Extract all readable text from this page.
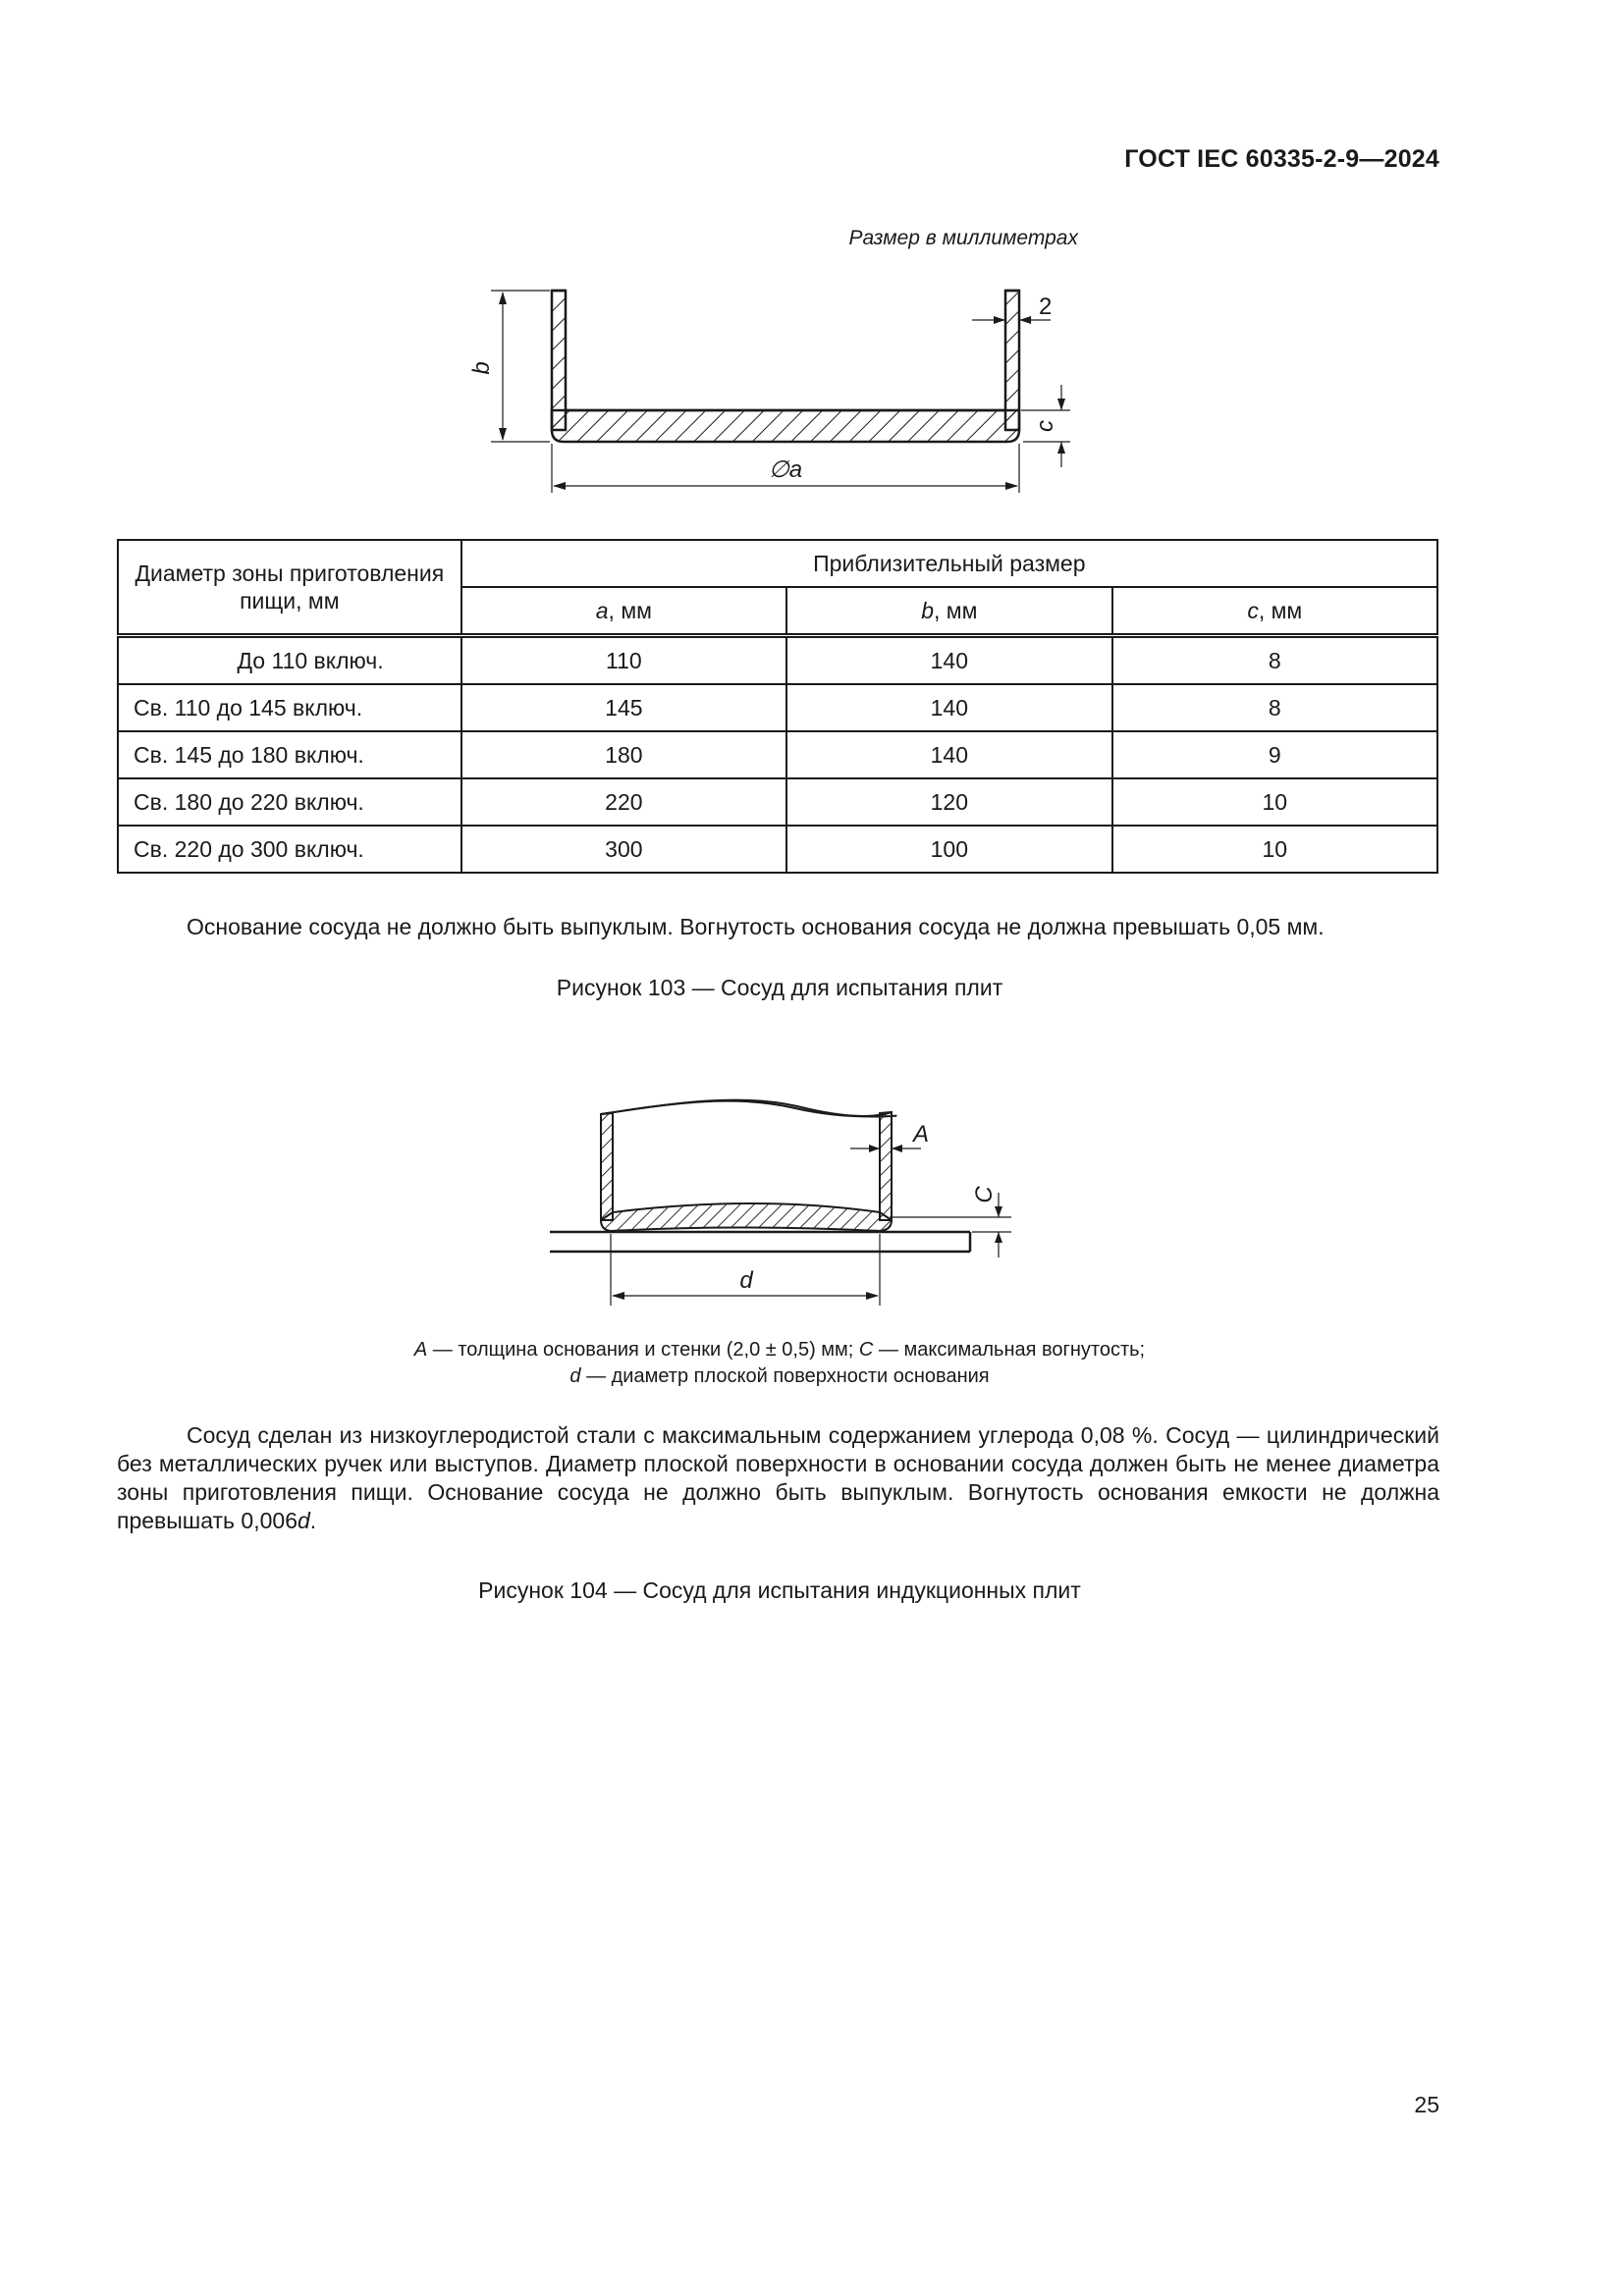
ГОСТ IEC 60335-2-9—2024
Размер в миллиметрах
b
2
c
∅a
Диаметр зоны приготовления пищи, мм	Приблизительный размер		
	a, мм	b, мм	c, мм
До 110 включ.	110	140	8
Св. 110 до 145 включ.	145	140	8
Св. 145 до 180 включ.	180	140	9
Св. 180 до 220 включ.	220	120	10
Св. 220 до 300 включ.	300	100	10
Основание сосуда не должно быть выпуклым. Вогнутость основания сосуда не должна превышать 0,05 мм.
Рисунок 103 — Сосуд для испытания плит
A
C
d
A — толщина основания и стенки (2,0 ± 0,5) мм; C — максимальная вогнутость;
d — диаметр плоской поверхности основания
Сосуд сделан из низкоуглеродистой стали с максимальным содержанием углерода 0,08 %. Сосуд — цилиндрический без металлических ручек или выступов. Диаметр плоской поверхности в основании сосуда должен быть не менее диаметра зоны приготовления пищи. Основание сосуда не должно быть выпуклым. Вогнутость основания емкости не должна превышать 0,006d.
Рисунок 104 — Сосуд для испытания индукционных плит
25
